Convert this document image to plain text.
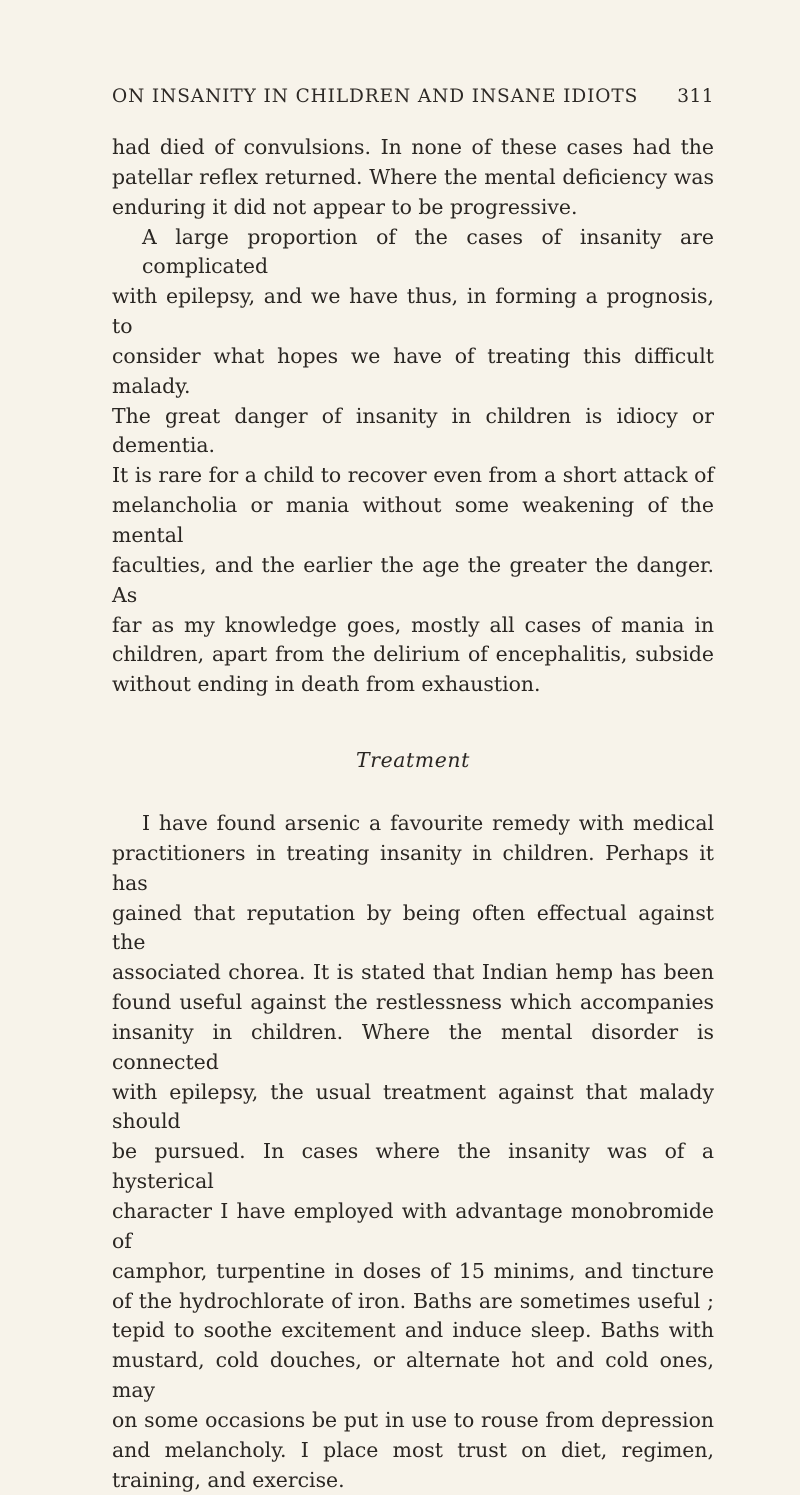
ON INSANITY IN CHILDREN AND INSANE IDIOTS 311

had died of convulsions. In none of these cases had the
patellar reflex returned. Where the mental deficiency was
enduring it did not appear to be progressive.

A large proportion of the cases of insanity are complicated
with epilepsy, and we have thus, in forming a prognosis, to
consider what hopes we have of treating this difficult malady.
The great danger of insanity in children is idiocy or dementia.
It is rare for a child to recover even from a short attack of
melancholia or mania without some weakening of the mental
faculties, and the earlier the age the greater the danger. As
far as my knowledge goes, mostly all cases of mania in
children, apart from the delirium of encephalitis, subside
without ending in death from exhaustion.

Treatment

I have found arsenic a favourite remedy with medical
practitioners in treating insanity in children. Perhaps it has
gained that reputation by being often effectual against the
associated chorea. It is stated that Indian hemp has been
found useful against the restlessness which accompanies
insanity in children. Where the mental disorder is connected
with epilepsy, the usual treatment against that malady should
be pursued. In cases where the insanity was of a hysterical
character I have employed with advantage monobromide of
camphor, turpentine in doses of 15 minims, and tincture
of the hydrochlorate of iron. Baths are sometimes useful ;
tepid to soothe excitement and induce sleep. Baths with
mustard, cold douches, or alternate hot and cold ones, may
on some occasions be put in use to rouse from depression
and melancholy. I place most trust on diet, regimen,
training, and exercise.
